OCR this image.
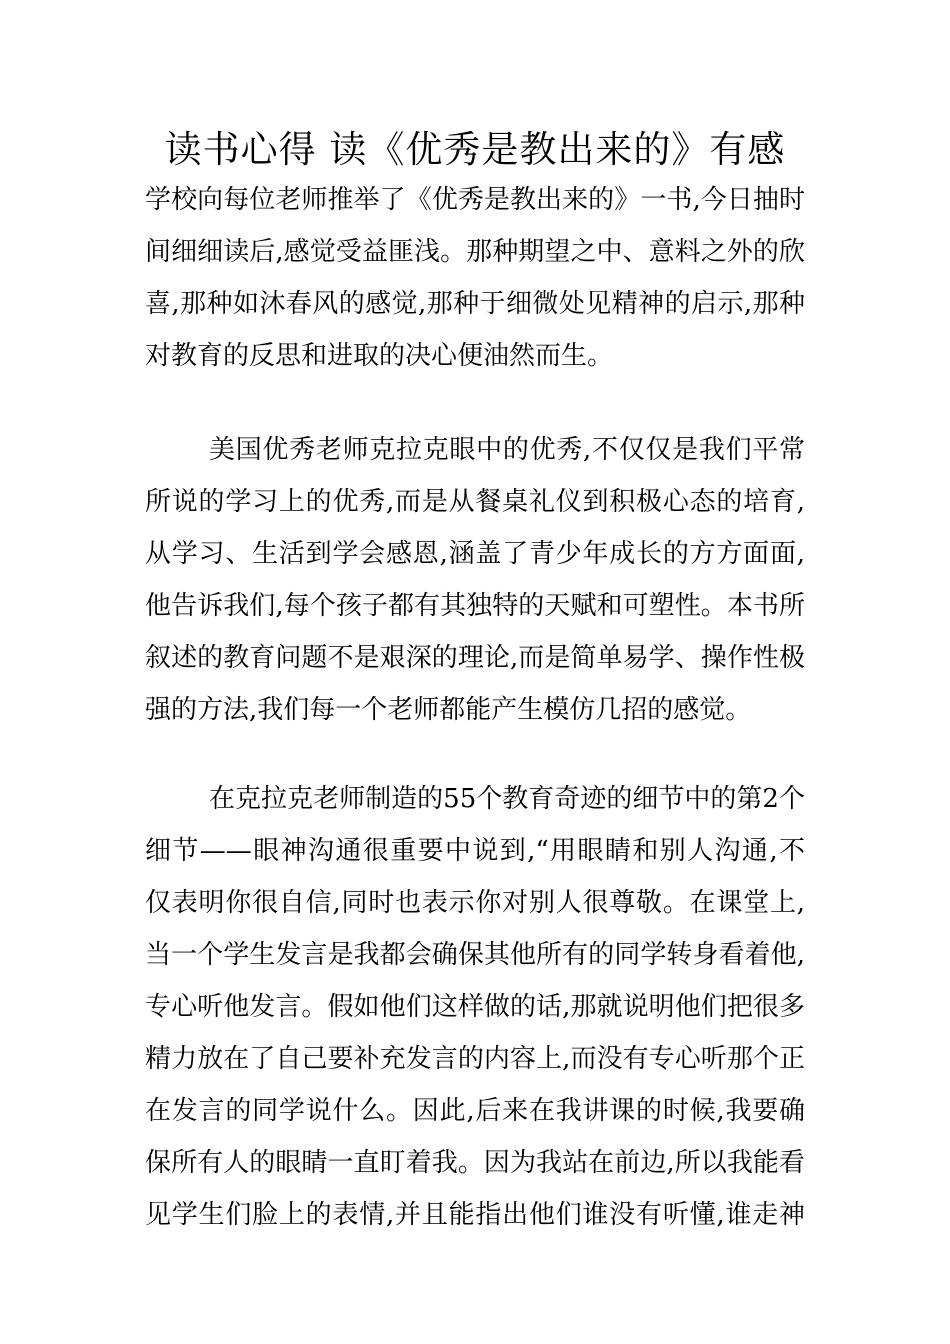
读书心得 读《优秀是教出来的》有感
学校向每位老师推举了《优秀是教出来的》一书,今日抽时
间细细读后,感觉受益匪浅。那种期望之中、意料之外的欣
喜,那种如沐春风的感觉,那种于细微处见精神的启示,那种
对教育的反思和进取的决心便油然而生。
美国优秀老师克拉克眼中的优秀,不仅仅是我们平常
所说的学习上的优秀,而是从餐桌礼仪到积极心态的培育,
从学习、生活到学会感恩,涵盖了青少年成长的方方面面,
他告诉我们,每个孩子都有其独特的天赋和可塑性。本书所
叙述的教育问题不是艰深的理论,而是简单易学、操作性极
强的方法,我们每一个老师都能产生模仿几招的感觉。
在克拉克老师制造的55个教育奇迹的细节中的第2个
细节——眼神沟通很重要中说到,“用眼睛和别人沟通,不
仅表明你很自信,同时也表示你对别人很尊敬。在课堂上,
当一个学生发言是我都会确保其他所有的同学转身看着他,
专心听他发言。假如他们这样做的话,那就说明他们把很多
精力放在了自己要补充发言的内容上,而没有专心听那个正
在发言的同学说什么。因此,后来在我讲课的时候,我要确
保所有人的眼睛一直盯着我。因为我站在前边,所以我能看
见学生们脸上的表情,并且能指出他们谁没有听懂,谁走神
